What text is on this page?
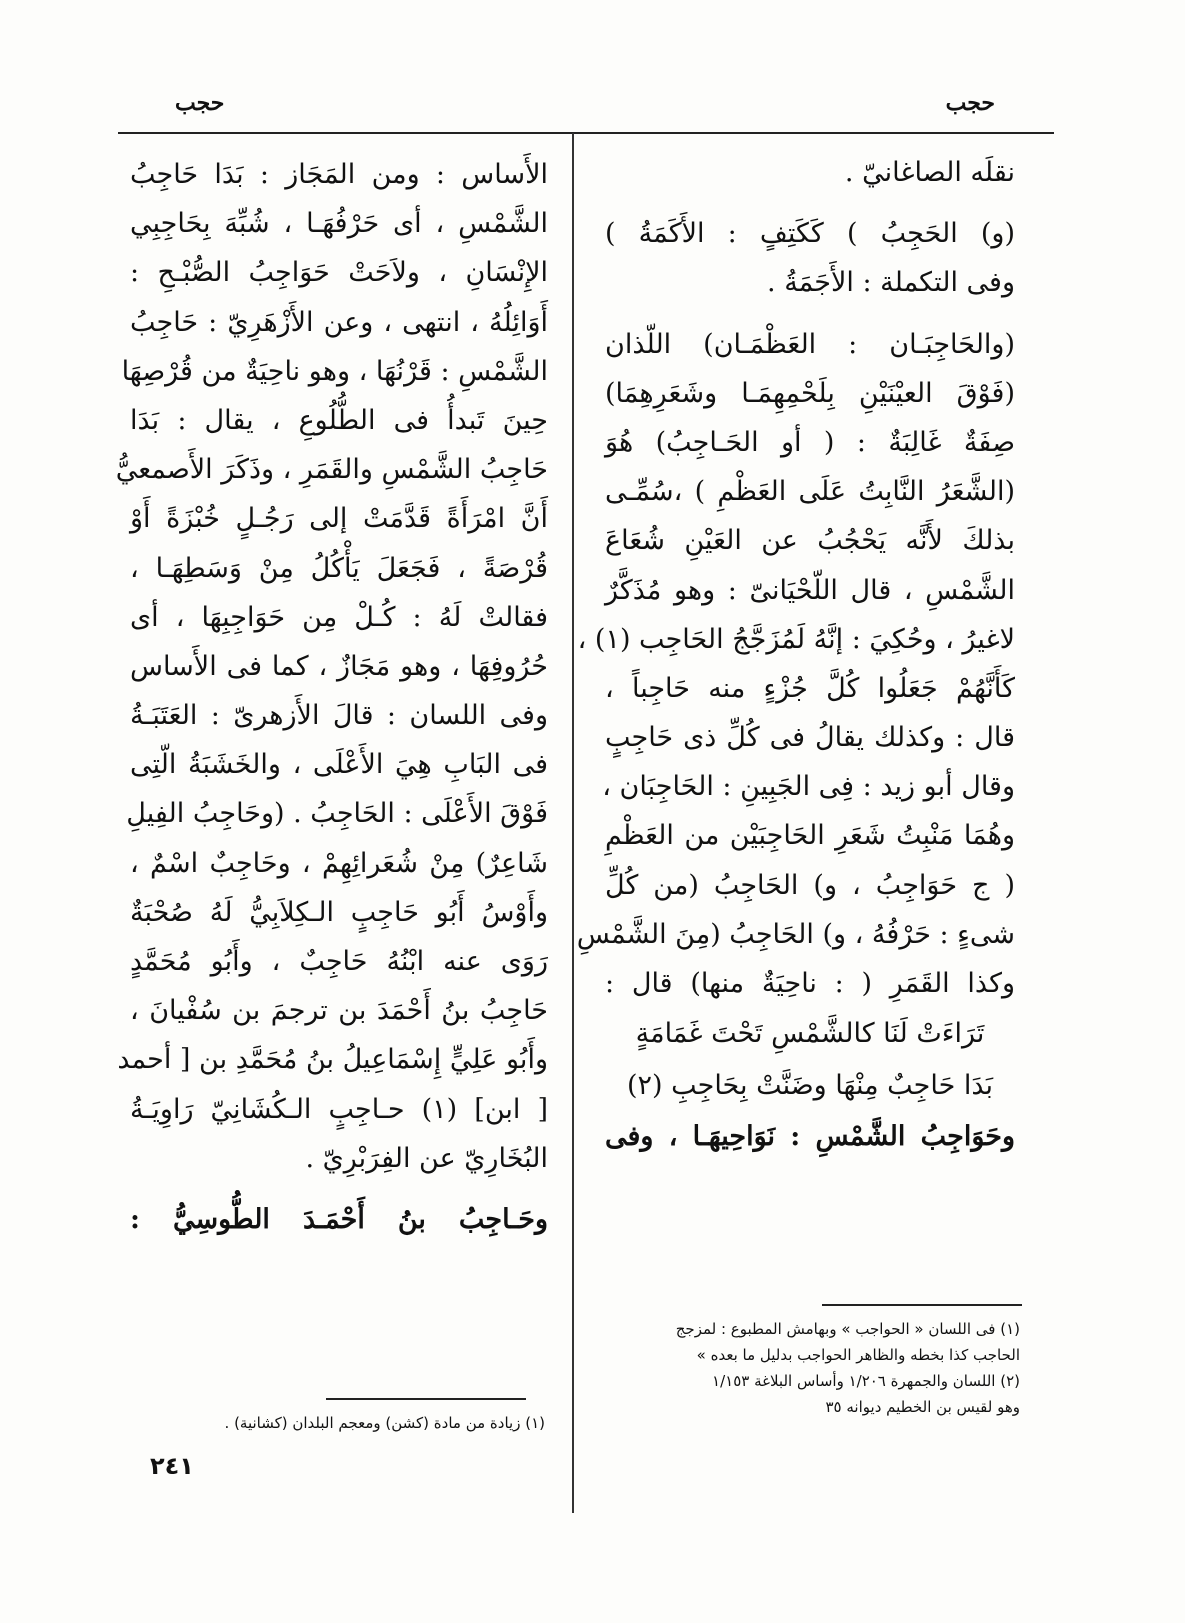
حجب	حجب
نقلَه الصاغانيّ .
(و) الحَجِبُ ) كَكَتِفٍ : الأَكَمَةُ )
وفى التكملة : الأَجَمَةُ .
(والحَاجِبَـان : العَظْمَـان) اللّذان
(فَوْقَ العيْنَيْنِ بِلَحْمِهِمَـا وشَعَرِهِمَا)
صِفَةٌ غَالِبَةٌ : ( أو الحَـاجِبُ) هُوَ
(الشَّعَرُ النَّابِتُ عَلَى العَظْمِ ) ،سُمِّـى
بذلكَ لأَنَّه يَحْجُبُ عن العَيْنِ شُعَاعَ
الشَّمْسِ ، قال اللّحْيَانىّ : وهو مُذَكَّرٌ
لاغيرُ ، وحُكِيَ : إنَّهُ لَمُزَجَّجُ الحَاجِب (١) ،
كَأَنَّهُمْ جَعَلُوا كُلَّ جُزْءٍ منه حَاجِباً ،
قال : وكذلك يقالُ فى كُلِّ ذى حَاجِبٍ
وقال أبو زيد : فِى الجَبِينِ : الحَاجِبَان ،
وهُمَا مَنْبِتُ شَعَرِ الحَاجِبَيْن من العَظْمِ
( ج حَوَاجِبُ ، و) الحَاجِبُ (من كُلِّ
شىءٍ : حَرْفُهُ ، و) الحَاجِبُ (مِنَ الشَّمْسِ
وكذا القَمَرِ ( : ناحِيَةٌ منها) قال :
تَرَاءَتْ لَنَا كالشَّمْسِ تَحْتَ غَمَامَةٍ
بَدَا حَاجِبٌ مِنْهَا وضَنَّتْ بِحَاجِبِ (٢)
وحَوَاجِبُ الشَّمْسِ : نَوَاحِيهَـا ، وفى
(١) فى اللسان « الحواجب » وبهامش المطبوع : لمزجج
الحاجب كذا بخطه والظاهر الحواجب بدليل ما بعده »
(٢) اللسان والجمهرة ١/٢٠٦ وأساس البلاغة ١/١٥٣
وهو لقيس بن الخطيم ديوانه ٣٥
الأَساس : ومن المَجَاز : بَدَا حَاجِبُ
الشَّمْسِ ، أى حَرْفُهَـا ، شُبِّهَ بِحَاجِبِي
الإِنْسَانِ ، ولاَحَتْ حَوَاجِبُ الصُّبْـحِ :
أَوَائِلُهُ ، انتهى ، وعن الأَزْهَرِيّ : حَاجِبُ
الشَّمْسِ : قَرْنُهَا ، وهو ناحِيَةٌ من قُرْصِهَا
حِينَ تَبدأُ فى الطُّلُوعِ ، يقال : بَدَا
حَاجِبُ الشَّمْسِ والقَمَرِ ، وذَكَرَ الأَصمعيُّ
أَنَّ امْرَأَةً قَدَّمَتْ إلى رَجُـلٍ خُبْزَةً أَوْ
قُرْصَةً ، فَجَعَلَ يَأْكُلُ مِنْ وَسَطِهَـا ،
فقالتْ لَهُ : كُـلْ مِن حَوَاجِبِهَا ، أى
حُرُوفِهَا ، وهو مَجَازٌ ، كما فى الأَساس
وفى اللسان : قالَ الأَزهرىّ : العَتَبَـةُ
فى البَابِ هِيَ الأَعْلَى ، والخَشَبَةُ الّتِى
فَوْقَ الأَعْلَى : الحَاجِبُ . (وحَاجِبُ الفِيلِ
شَاعِرٌ) مِنْ شُعَرائِهِمْ ، وحَاجِبٌ اسْمٌ ،
وأَوْسُ أَبُو حَاجِبٍ الـكِلاَبِيُّ لَهُ صُحْبَةٌ
رَوَى عنه ابْنُهُ حَاجِبٌ ، وأَبُو مُحَمَّدٍ
حَاجِبُ بنُ أَحْمَدَ بن ترجمَ بن سُفْيانَ ،
وأَبُو عَلِيٍّ إِسْمَاعِيلُ بنُ مُحَمَّدِ بن [ أحمد
[ ابن] (١) حـاجِبٍ الـكُشَانِيّ رَاوِيَـةُ
البُخَارِيّ عن الفِرَبْرِيّ .
وحَـاجِبُ بنُ أَحْمَـدَ الطُّوسِيُّ :
(١) زيادة من مادة (كشن) ومعجم البلدان (كشانية) .
٢٤١
